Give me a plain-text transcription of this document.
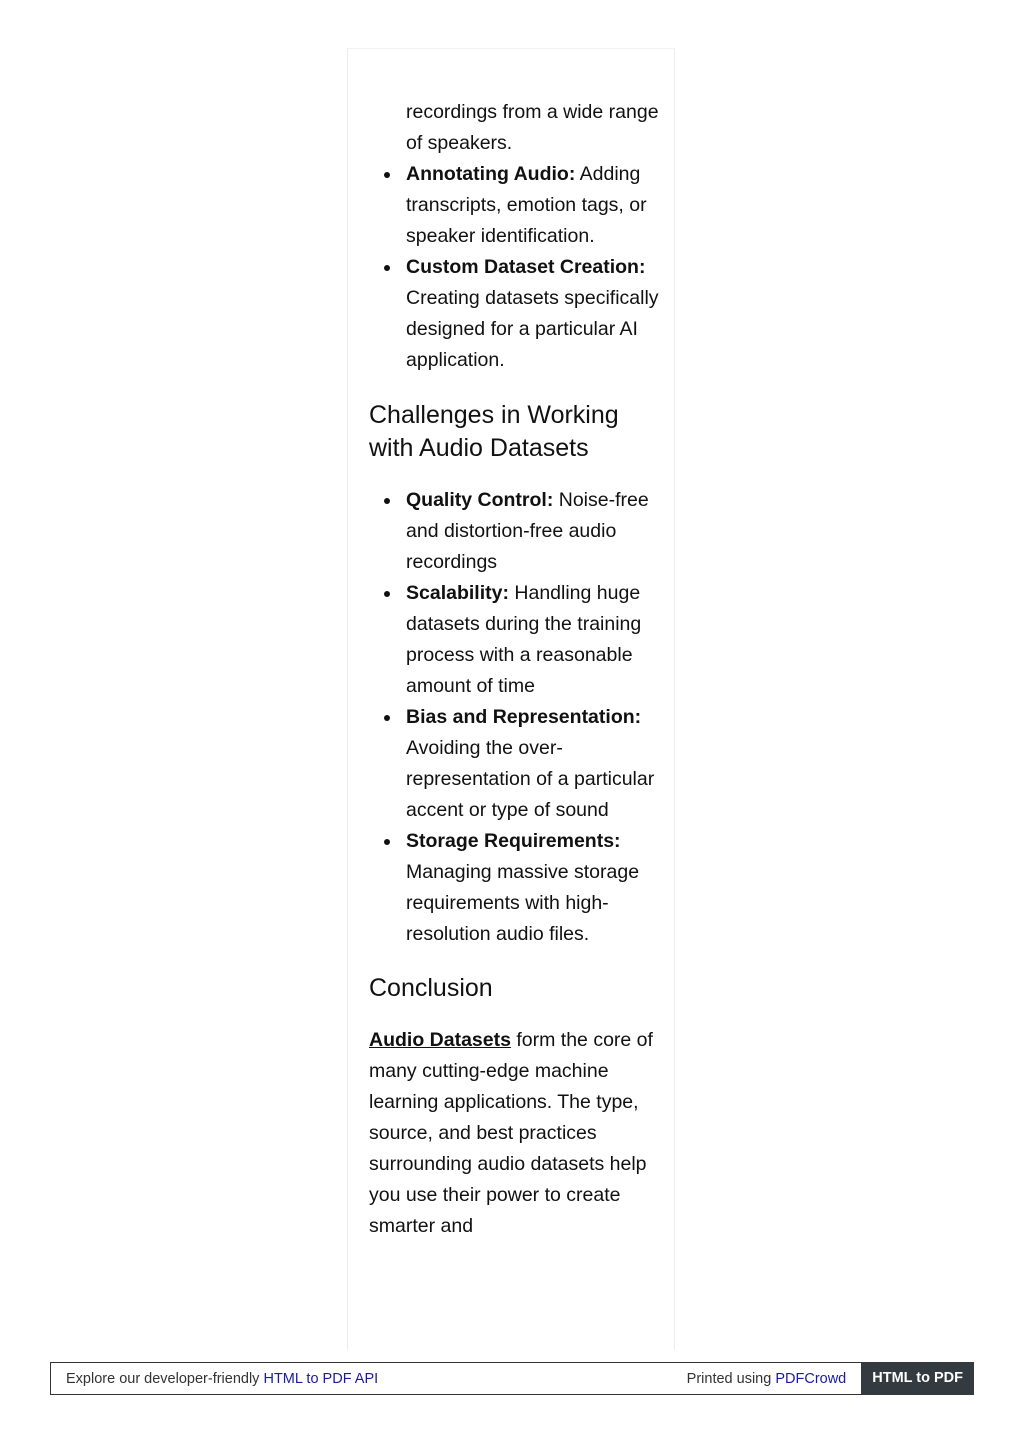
recordings from a wide range of speakers.
Annotating Audio: Adding transcripts, emotion tags, or speaker identification.
Custom Dataset Creation: Creating datasets specifically designed for a particular AI application.
Challenges in Working with Audio Datasets
Quality Control: Noise-free and distortion-free audio recordings
Scalability: Handling huge datasets during the training process with a reasonable amount of time
Bias and Representation: Avoiding the over-representation of a particular accent or type of sound
Storage Requirements: Managing massive storage requirements with high-resolution audio files.
Conclusion

Audio Datasets form the core of many cutting-edge machine learning applications. The type, source, and best practices surrounding audio datasets help you use their power to create smarter and

Explore our developer-friendly HTML to PDF API	Printed using PDFCrowd	HTML to PDF
